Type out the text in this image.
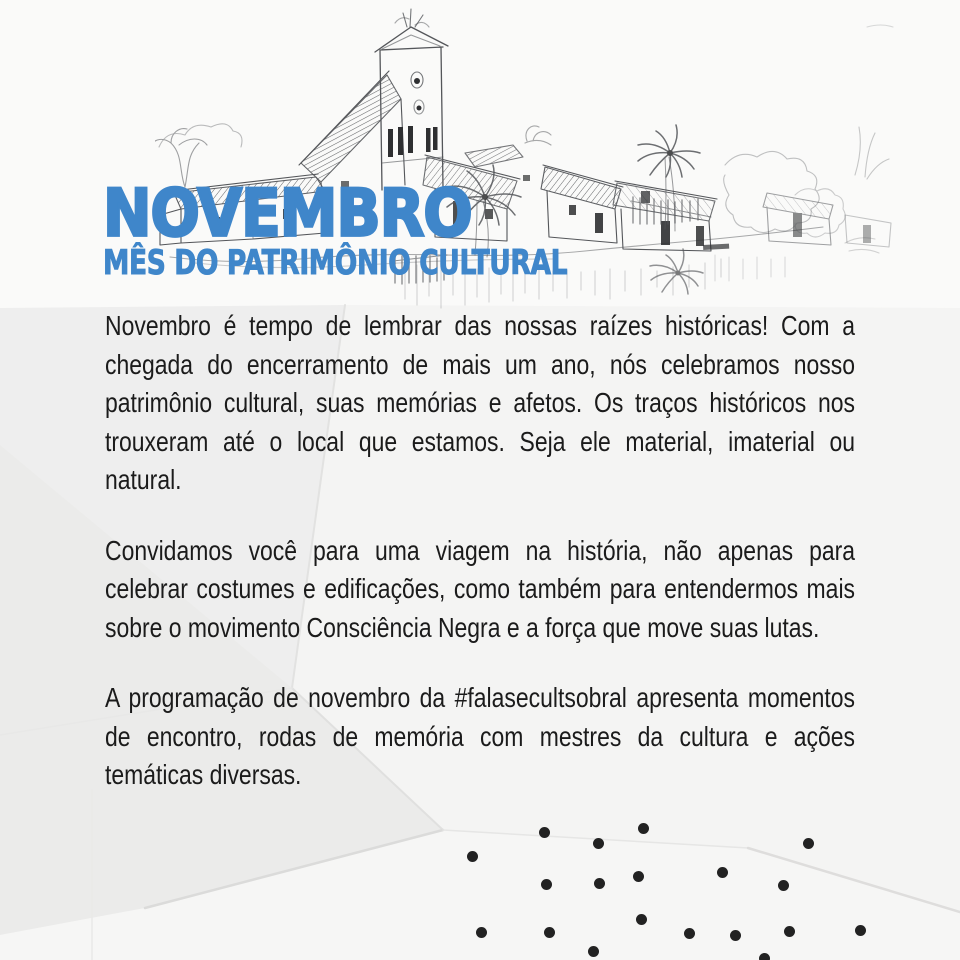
NOVEMBRO
MÊS DO PATRIMÔNIO CULTURAL

Novembro é tempo de lembrar das nossas raízes históricas! Com a chegada do encerramento de mais um ano, nós celebramos nosso patrimônio cultural, suas memórias e afetos. Os traços históricos nos trouxeram até o local que estamos. Seja ele material, imaterial ou natural.

Convidamos você para uma viagem na história, não apenas para celebrar costumes e edificações, como também para entendermos mais sobre o movimento Consciência Negra e a força que move suas lutas.

A programação de novembro da #falasecultsobral apresenta momentos de encontro, rodas de memória com mestres da cultura e ações temáticas diversas.
